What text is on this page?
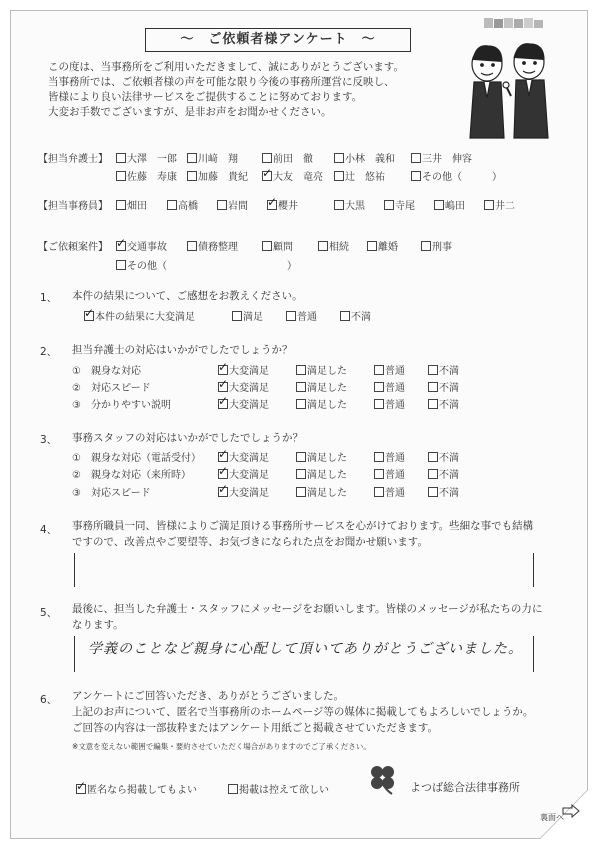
～　ご依頼者様アンケート　～
この度は、当事務所をご利用いただきまして、誠にありがとうございます。
当事務所では、ご依頼者様の声を可能な限り今後の事務所運営に反映し、
皆様により良い法律サービスをご提供することに努めております。
大変お手数でございますが、是非お声をお聞かせください。
【担当弁護士】	大澤　一郎	川﨑　翔	前田　徹	小林　義和	三井　伸容
佐藤　寿康	加藤　貴紀 ✓	大友　竜亮	辻　悠祐	その他（　　　）
【担当事務員】	畑田	高橋	岩間 ✓	櫻井	大黒	寺尾	嶋田	井二
【ご依頼案件】 ✓	交通事故	債務整理	顧問	相続	離婚	刑事
その他（　　　　　　　　　　　　）
1、 本件の結果について、ご感想をお教えください。
✓本件の結果に大変満足	満足	普通	不満
2、 担当弁護士の対応はいかがでしたでしょうか？
①　親身な対応 ✓	大変満足	満足した	普通	不満
②　対応スピード ✓	大変満足	満足した	普通	不満
③　分かりやすい説明 ✓	大変満足	満足した	普通	不満
3、 事務スタッフの対応はいかがでしたでしょうか？
①　親身な対応（電話受付） ✓	大変満足	満足した	普通	不満
②　親身な対応（来所時） ✓	大変満足	満足した	普通	不満
③　対応スピード ✓	大変満足	満足した	普通	不満
4、 事務所職員一同、皆様によりご満足頂ける事務所サービスを心がけております。些細な事でも結構
ですので、改善点やご要望等、お気づきになられた点をお聞かせ願います。
5、 最後に、担当した弁護士・スタッフにメッセージをお願いします。皆様のメッセージが私たちの力に
なります。
学義のことなど親身に心配して頂いてありがとうございました。
6、 アンケートにご回答いただき、ありがとうございました。
上記のお声について、匿名で当事務所のホームページ等の媒体に掲載してもよろしいでしょうか。
ご回答の内容は一部抜粋またはアンケート用紙ごと掲載させていただきます。
※文意を変えない範囲で編集・要約させていただく場合がありますのでご了承ください。
✓匿名なら掲載してもよい	掲載は控えて欲しい	よつば総合法律事務所
裏面へ
